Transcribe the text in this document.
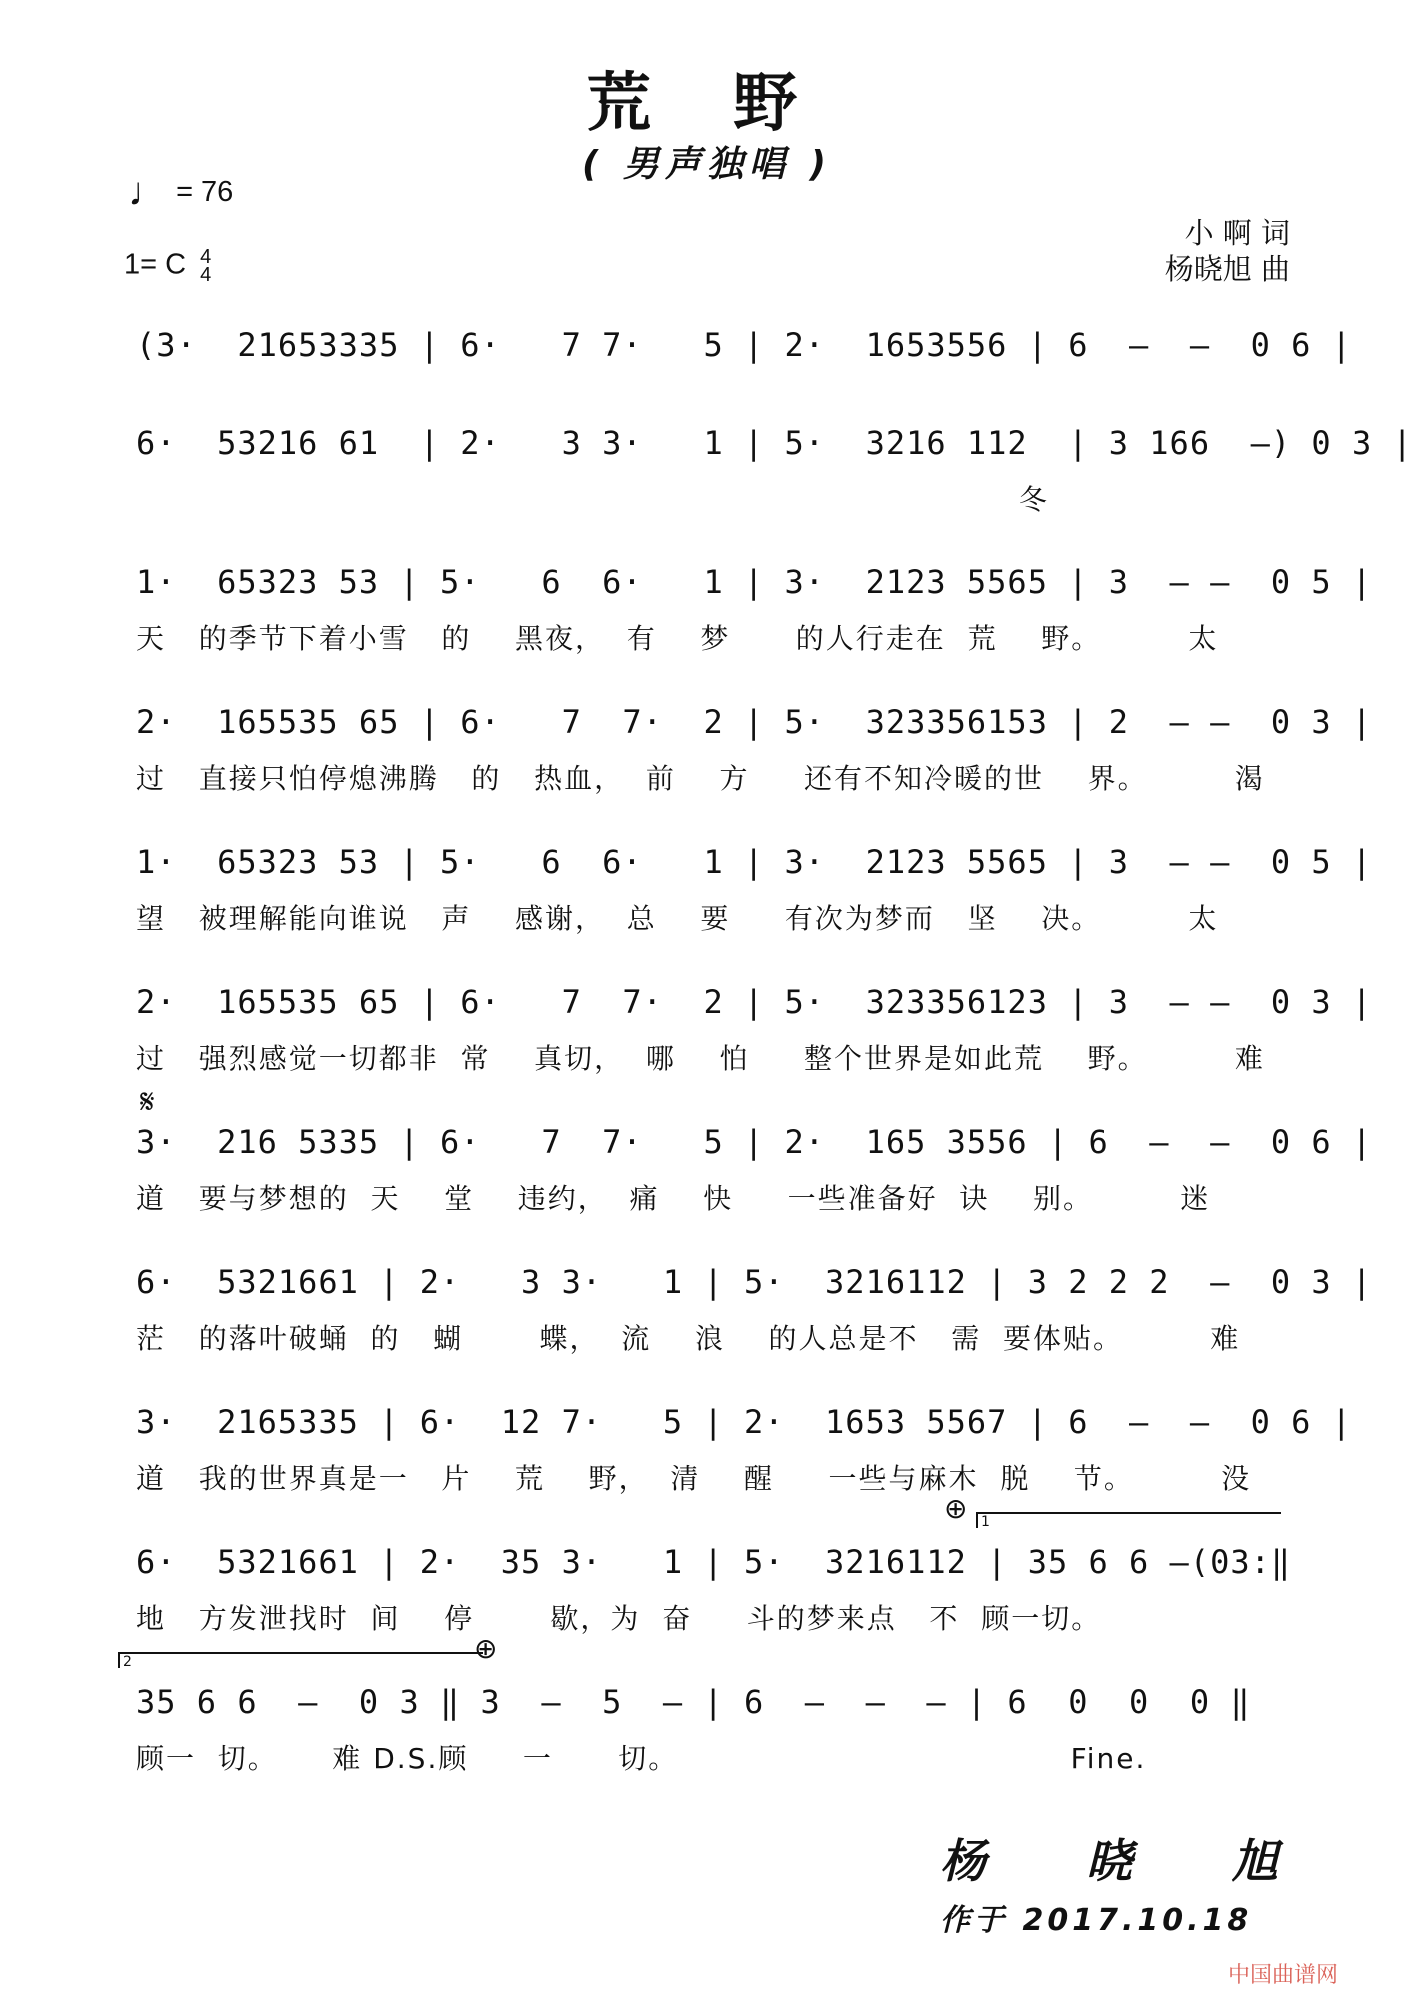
荒 野
( 男声独唱 )
♩ = 76
1= C 4
4
小 啊 词
杨晓旭 曲
𝄋
⊕
⊕
1
2
(3·  21653335 | 6·   7 7·   5 | 2·  1653556 | 6  —  —  0 6 |
6·  53216 61  | 2·   3 3·   1 | 5·  3216 112  | 3 166  —) 0 3 |
冬
1·  65323 53 | 5·   6  6·   1 | 3·  2123 5565 | 3  — —  0 5 |
天   的季节下着小雪   的    黑夜，  有    梦      的人行走在  荒    野。        太
2·  165535 65 | 6·   7  7·  2 | 5·  323356153 | 2  — —  0 3 |
过   直接只怕停熄沸腾   的   热血，  前    方     还有不知冷暖的世    界。        渴
1·  65323 53 | 5·   6  6·   1 | 3·  2123 5565 | 3  — —  0 5 |
望   被理解能向谁说   声    感谢，  总    要     有次为梦而   坚    决。        太
2·  165535 65 | 6·   7  7·  2 | 5·  323356123 | 3  — —  0 3 |
过   强烈感觉一切都非  常    真切，  哪    怕     整个世界是如此荒    野。        难
3·  216 5335 | 6·   7  7·   5 | 2·  165 3556 | 6  —  —  0 6 |
道   要与梦想的  天    堂    违约，  痛    快     一些准备好  诀    别。        迷
6·  5321661 | 2·   3 3·   1 | 5·  3216112 | 3 2 2 2  —  0 3 |
茫   的落叶破蛹  的   蝴       蝶，  流    浪    的人总是不   需  要体贴。        难
3·  2165335 | 6·  12 7·   5 | 2·  1653 5567 | 6  —  —  0 6 |
道   我的世界真是一   片    荒    野，  清    醒     一些与麻木  脱    节。        没
6·  5321661 | 2·  35 3·   1 | 5·  3216112 | 35 6 6 —(03:‖
地   方发泄找时  间    停       歇，为  奋     斗的梦来点   不  顾一切。
35 6 6  —  0 3 ‖ 3  —  5  — | 6  —  —  — | 6  0  0  0 ‖
顾一  切。     难 D.S.顾     一      切。                                    Fine.
杨 晓 旭
作于 2017.10.18
中国曲谱网
